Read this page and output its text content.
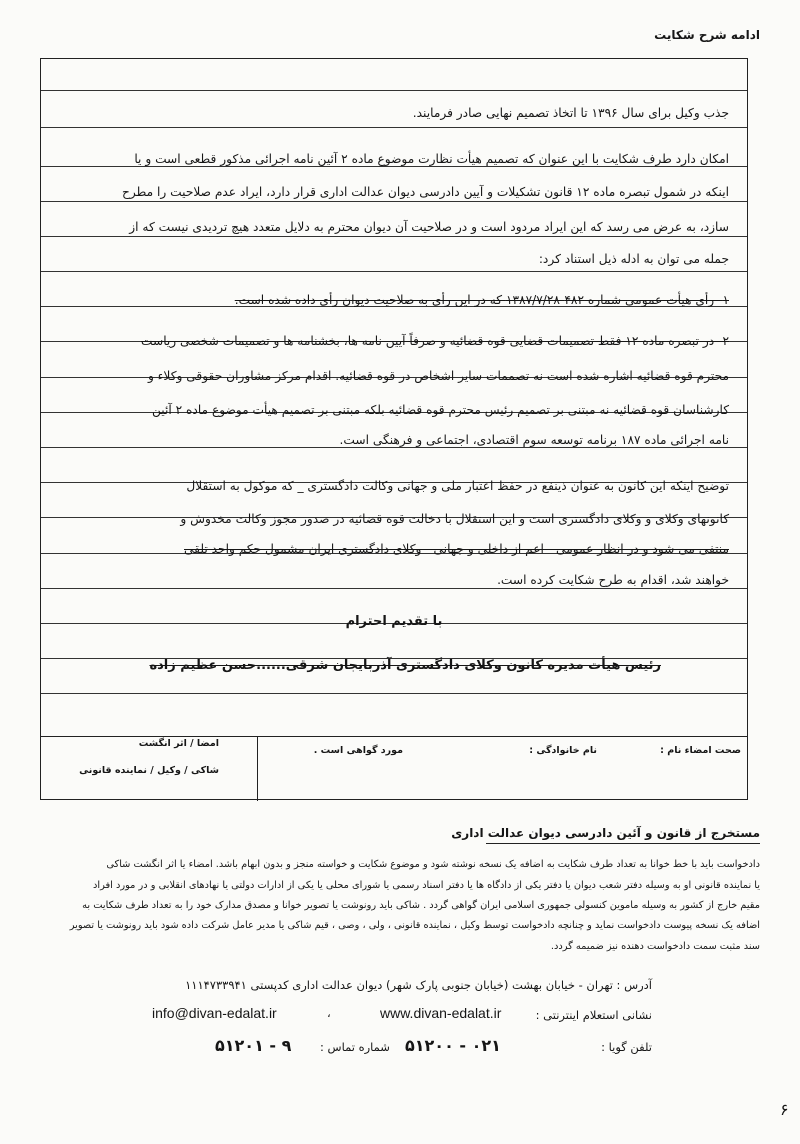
ادامه شرح شکایت
جذب وکیل برای سال ۱۳۹۶ تا اتخاذ تصمیم نهایی صادر فرمایند.
امکان دارد طرف شکایت با این عنوان که تصمیم هیأت نظارت موضوع ماده ۲ آئین نامه اجرائی مذکور قطعی است و یا
اینکه در شمول تبصره ماده ۱۲ قانون تشکیلات و آیین دادرسی دیوان عدالت اداری قرار دارد، ایراد عدم صلاحیت را مطرح
سازد، به عرض می رسد که این ایراد مردود است و در صلاحیت آن دیوان محترم به دلایل متعدد هیچ تردیدی نیست که از
جمله می توان به ادله ذیل استناد کرد:
۱- رأی هیأت عمومی شماره ۴۸۲-۱۳۸۷/۷/۲۸ که در این رأی به صلاحیت دیوان رأی داده شده است.
۲- در تبصره ماده ۱۲ فقط تصمیمات قضایی قوه قضائیه و صرفاً آیین نامه ها، بخشنامه ها و تصمیمات شخصی ریاست
محترم قوه قضائیه اشاره شده است نه تصممات سایر اشخاص در قوه قضائیه. اقدام مرکز مشاوران حقوقی وکلاء و
کارشناسان قوه قضائیه نه مبتنی بر تصمیم رئیس محترم قوه قضائیه بلکه مبتنی بر تصمیم هیأت موضوع ماده ۲ آئین
نامه اجرائی ماده ۱۸۷ برنامه توسعه سوم اقتصادی، اجتماعی و فرهنگی است.
توضیح اینکه این کانون به عنوان ذینفع در حفظ اعتبار ملی و جهانی وکالت دادگستری _ که موکول به استقلال
کانونهای وکلای و وکلای دادگستری است و این استقلال با دخالت قوه قضائیه در صدور مجوز وکالت مخدوش و
منتفی می شود و در انظار عمومی - اعم از داخلی و جهانی - وکلای دادگستری ایران مشمول حکم واحد تلقی
خواهند شد، اقدام به طرح شکایت کرده است.
با تقدیم احترام
رئیس هیأت مدیره کانون وکلای دادگستری آذربایجان شرقی......حسن عظیم زاده
صحت امضاء نام :
نام خانوادگی :
مورد گواهی است .
امضا / اثر انگشت
شاکی / وکیل / نماینده قانونی
مستخرج از قانون و آئین دادرسی دیوان عدالت اداری
دادخواست باید با خط خوانا به تعداد طرف شکایت به اضافه یک نسخه نوشته شود و موضوع شکایت و خواسته منجز و بدون ابهام باشد. امضاء یا اثر انگشت شاکی
یا نماینده قانونی او به وسیله دفتر شعب دیوان یا دفتر یکی از دادگاه ها یا دفتر اسناد رسمی یا شورای محلی یا یکی از ادارات دولتی یا نهادهای انقلابی و در مورد افراد
مقیم خارج از کشور به وسیله ماموین کنسولی جمهوری اسلامی ایران گواهی گردد . شاکی باید رونوشت یا تصویر خوانا و مصدق مدارک خود را به تعداد طرف شکایت به
اضافه یک نسخه پیوست دادخواست نماید و چنانچه دادخواست توسط وکیل ، نماینده قانونی ، ولی ، وصی ، قیم شاکی یا مدیر عامل شرکت داده شود باید رونوشت یا تصویر
سند مثبت سمت دادخواست دهنده نیز ضمیمه گردد.
آدرس : تهران - خیابان بهشت (خیابان جنوبی پارک شهر) دیوان عدالت اداری کدپستی ۱۱۱۴۷۳۳۹۴۱
نشانی استعلام اینترنتی :
www.divan-edalat.ir
،
info@divan-edalat.ir
تلفن گویا :
۰۲۱ - ۵۱۲۰۰
شماره تماس :
۹ - ۵۱۲۰۱
۶
